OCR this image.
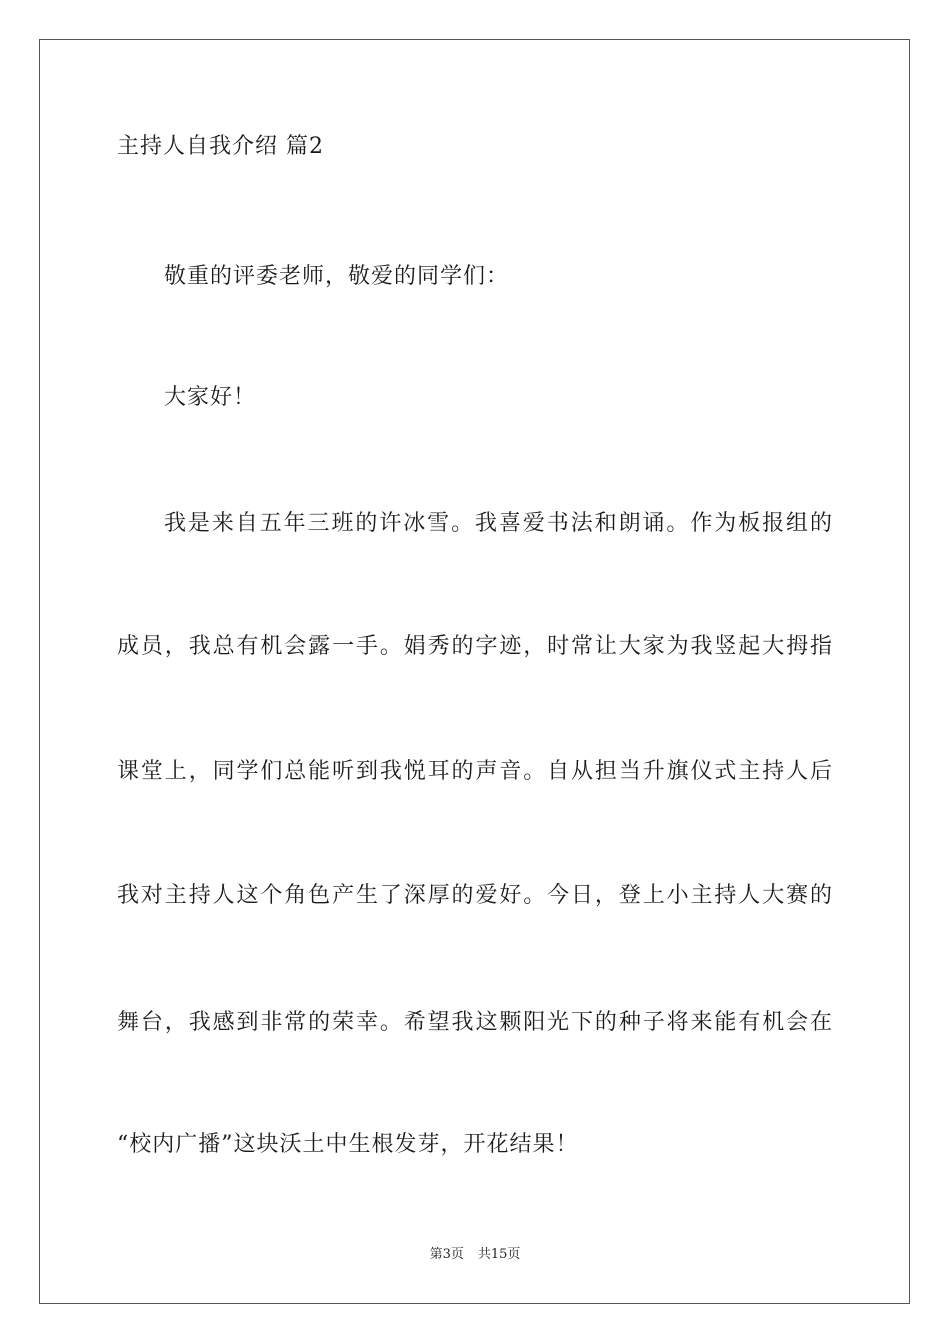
主持人自我介绍 篇2
敬重的评委老师，敬爱的同学们：
大家好！
我是来自五年三班的许冰雪。我喜爱书法和朗诵。作为板报组的
成员，我总有机会露一手。娟秀的字迹，时常让大家为我竖起大拇指
课堂上，同学们总能听到我悦耳的声音。自从担当升旗仪式主持人后
我对主持人这个角色产生了深厚的爱好。今日，登上小主持人大赛的
舞台，我感到非常的荣幸。希望我这颗阳光下的种子将来能有机会在
“校内广播”这块沃土中生根发芽，开花结果！
第3页 共15页
